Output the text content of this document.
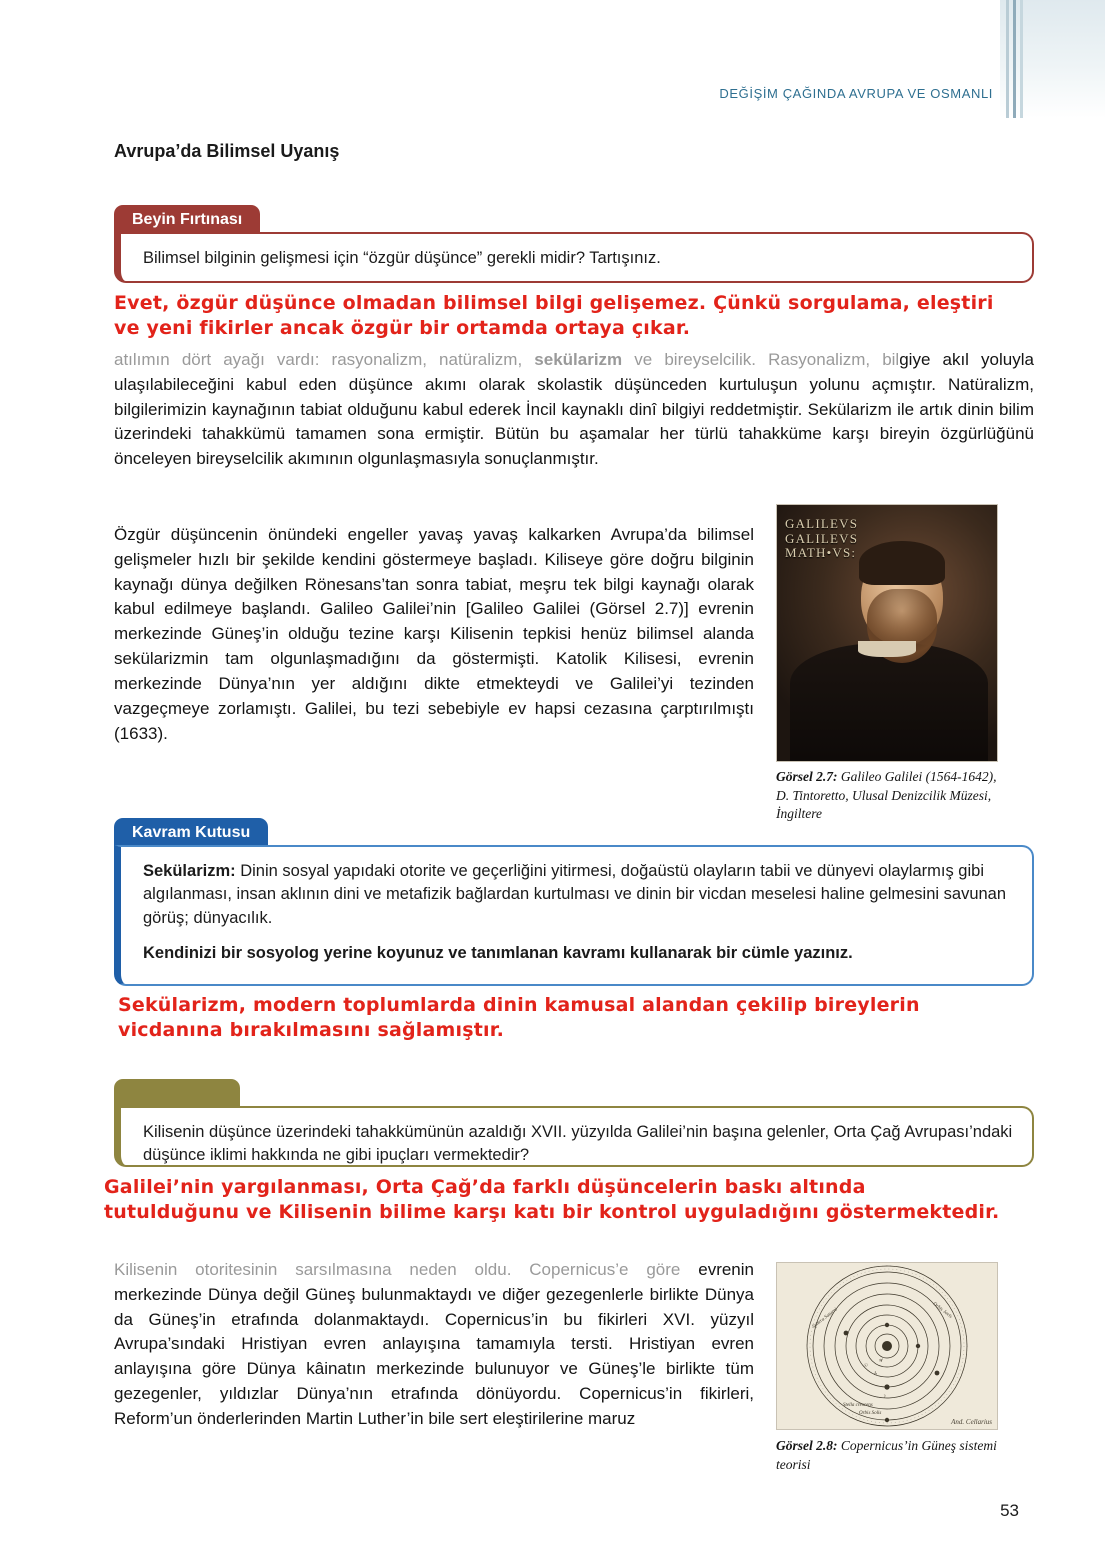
DEĞİŞİM ÇAĞINDA AVRUPA VE OSMANLI
Avrupa’da Bilimsel Uyanış
Beyin Fırtınası
Bilimsel bilginin gelişmesi için “özgür düşünce” gerekli midir? Tartışınız.
Evet, özgür düşünce olmadan bilimsel bilgi gelişemez. Çünkü sorgulama, eleştiri ve yeni fikirler ancak özgür bir ortamda ortaya çıkar.
atılımın dört ayağı vardı: rasyonalizm, natüralizm, sekülarizm ve bireyselcilik. Rasyonalizm, bilgiye akıl yoluyla ulaşılabileceğini kabul eden düşünce akımı olarak skolastik düşünceden kurtuluşun yolunu açmıştır. Natüralizm, bilgilerimizin kaynağının tabiat olduğunu kabul ederek İncil kaynaklı dinî bilgiyi reddetmiştir. Sekülarizm ile artık dinin bilim üzerindeki tahakkümü tamamen sona ermiştir. Bütün bu aşamalar her türlü tahakküme karşı bireyin özgürlüğünü önceleyen bireyselcilik akımının olgunlaşmasıyla sonuçlanmıştır.
Özgür düşüncenin önündeki engeller yavaş yavaş kalkarken Avrupa’da bilimsel gelişmeler hızlı bir şekilde kendini göstermeye başladı. Kiliseye göre doğru bilginin kaynağı dünya değilken Rönesans’tan sonra tabiat, meşru tek bilgi kaynağı olarak kabul edilmeye başlandı. Galileo Galilei’nin [Galileo Galilei (Görsel 2.7)] evrenin merkezinde Güneş’in olduğu tezine karşı Kilisenin tepkisi henüz bilimsel alanda sekülarizmin tam olgunlaşmadığını da göstermişti. Katolik Kilisesi, evrenin merkezinde Dünya’nın yer aldığını dikte etmekteydi ve Galilei’yi tezinden vazgeçmeye zorlamıştı. Galilei, bu tezi sebebiyle ev hapsi cezasına çarptırılmıştı (1633).
GALILEVS
GALILEVS
MATH•VS:
Görsel 2.7: Galileo Galilei (1564-1642), D. Tintoretto, Ulusal Denizcilik Müzesi, İngiltere
Kavram Kutusu

Sekülarizm: Dinin sosyal yapıdaki otorite ve geçerliğini yitirmesi, doğaüstü olayların tabii ve dünyevi olaylarmış gibi algılanması, insan aklının dini ve metafizik bağlardan kurtulması ve dinin bir vicdan meselesi haline gelmesini savunan görüş; dünyacılık.

Kendinizi bir sosyolog yerine koyunuz ve tanımlanan kavramı kullanarak bir cümle yazınız.

Sekülarizm, modern toplumlarda dinin kamusal alandan çekilip bireylerin vicdanına bırakılmasını sağlamıştır.
Kilisenin düşünce üzerindeki tahakkümünün azaldığı XVII. yüzyılda Galilei’nin başına gelenler, Orta Çağ Avrupası’ndaki düşünce iklimi hakkında ne gibi ipuçları vermektedir?
Galilei’nin yargılanması, Orta Çağ’da farklı düşüncelerin baskı altında tutulduğunu ve Kilisenin bilime karşı katı bir kontrol uyguladığını göstermektedir.
Kilisenin otoritesinin sarsılmasına neden oldu. Copernicus’e göre evrenin merkezinde Dünya değil Güneş bulunmaktaydı ve diğer gezegenlerle birlikte Dünya da Güneş’in etrafında dolanmaktaydı. Copernicus’in bu fikirleri XVI. yüzyıl Avrupa’sındaki Hristiyan evren anlayışına tamamıyla tersti. Hristiyan evren anlayışına göre Dünya kâinatın merkezinde bulunuyor ve Güneş’le birlikte tüm gezegenler, yıldızlar Dünya’nın etrafında dönüyordu. Copernicus’in fikirleri, Reform’un önderlerinden Martin Luther’in bile sert eleştirilerine maruz
☉
♃
♄
☽
Sphera Saturni	Orbis Jovis
Stella crescens
Orbis Solis
And. Cellarius
Görsel 2.8: Copernicus’in Güneş sistemi teorisi
53
